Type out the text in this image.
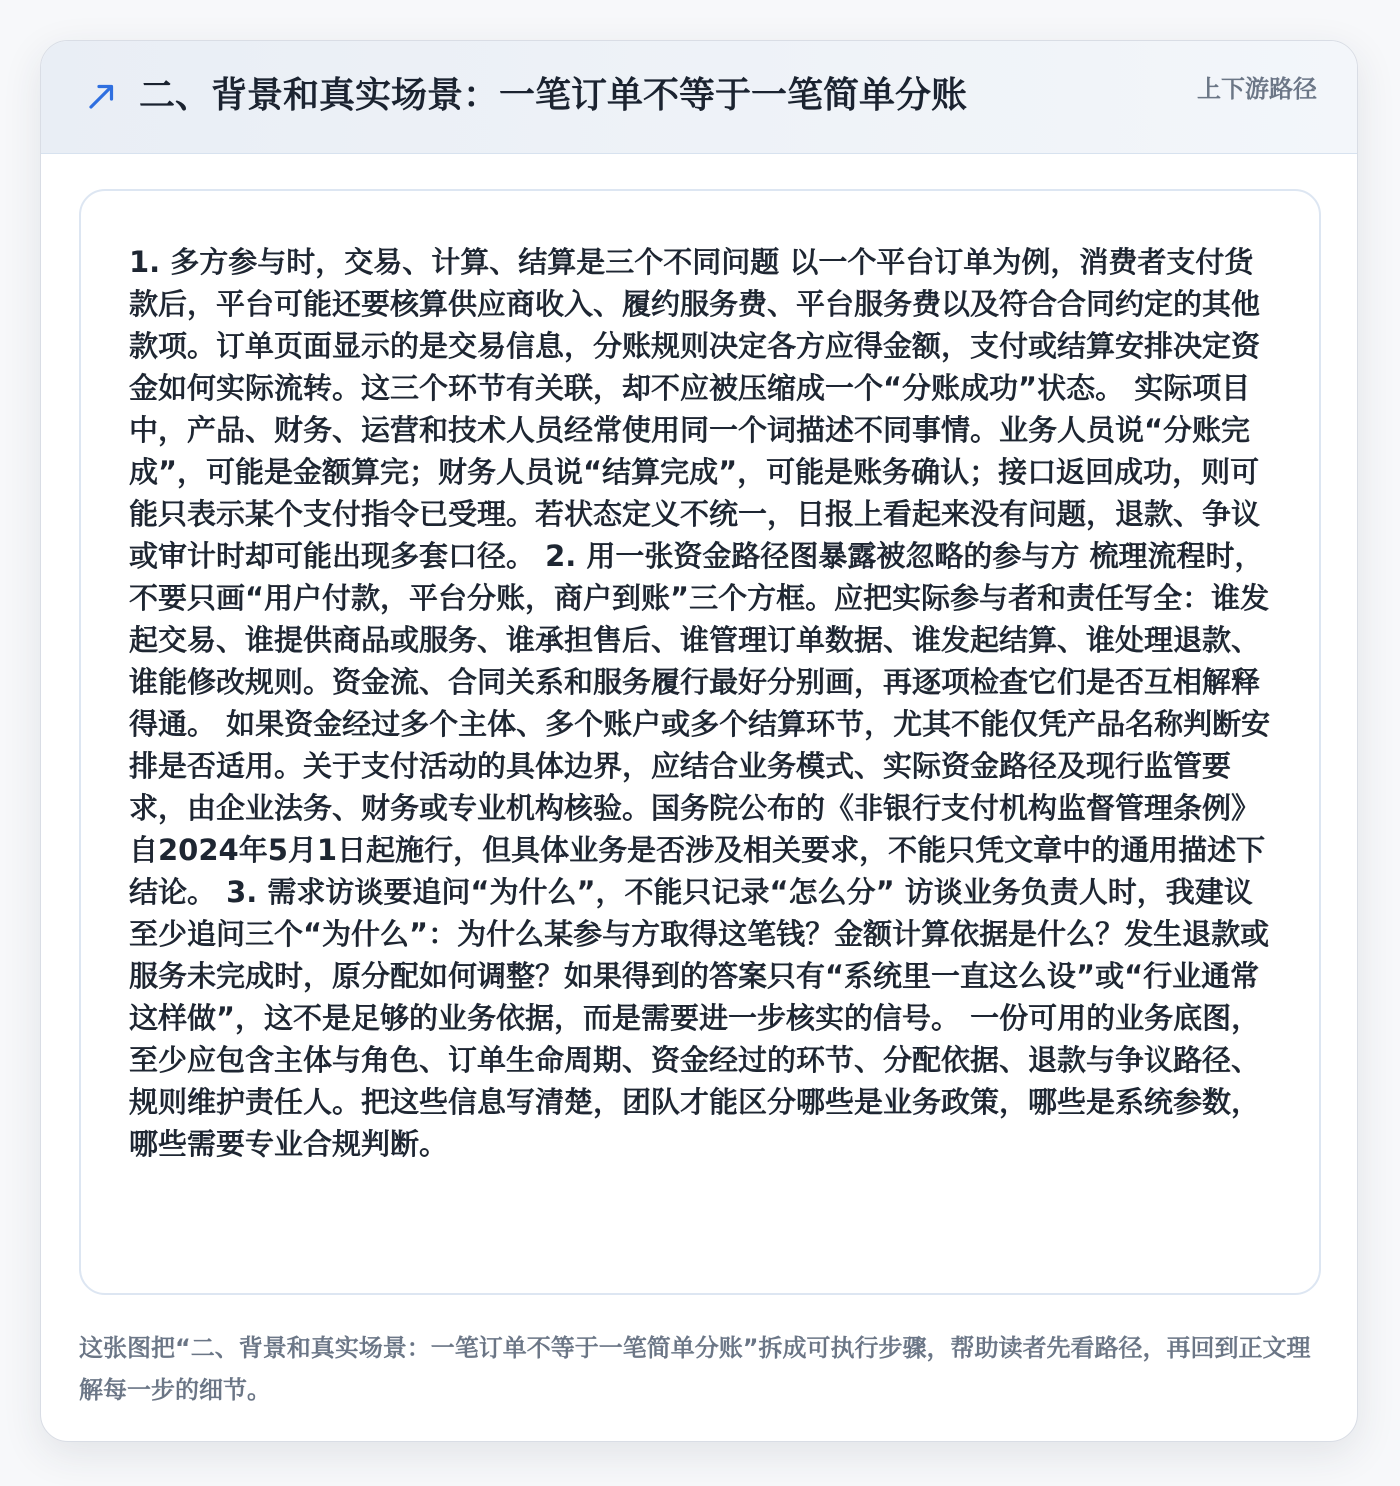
二、背景和真实场景：一笔订单不等于一笔简单分账	上下游路径

1. 多方参与时，交易、计算、结算是三个不同问题 以一个平台订单为例，消费者支付货款后，平台可能还要核算供应商收入、履约服务费、平台服务费以及符合合同约定的其他款项。订单页面显示的是交易信息，分账规则决定各方应得金额，支付或结算安排决定资金如何实际流转。这三个环节有关联，却不应被压缩成一个“分账成功”状态。 实际项目中，产品、财务、运营和技术人员经常使用同一个词描述不同事情。业务人员说“分账完成”，可能是金额算完；财务人员说“结算完成”，可能是账务确认；接口返回成功，则可能只表示某个支付指令已受理。若状态定义不统一，日报上看起来没有问题，退款、争议或审计时却可能出现多套口径。 2. 用一张资金路径图暴露被忽略的参与方 梳理流程时，不要只画“用户付款，平台分账，商户到账”三个方框。应把实际参与者和责任写全：谁发起交易、谁提供商品或服务、谁承担售后、谁管理订单数据、谁发起结算、谁处理退款、谁能修改规则。资金流、合同关系和服务履行最好分别画，再逐项检查它们是否互相解释得通。 如果资金经过多个主体、多个账户或多个结算环节，尤其不能仅凭产品名称判断安排是否适用。关于支付活动的具体边界，应结合业务模式、实际资金路径及现行监管要求，由企业法务、财务或专业机构核验。国务院公布的《非银行支付机构监督管理条例》自2024年5月1日起施行，但具体业务是否涉及相关要求，不能只凭文章中的通用描述下结论。 3. 需求访谈要追问“为什么”，不能只记录“怎么分” 访谈业务负责人时，我建议至少追问三个“为什么”：为什么某参与方取得这笔钱？金额计算依据是什么？发生退款或服务未完成时，原分配如何调整？如果得到的答案只有“系统里一直这么设”或“行业通常这样做”，这不是足够的业务依据，而是需要进一步核实的信号。 一份可用的业务底图，至少应包含主体与角色、订单生命周期、资金经过的环节、分配依据、退款与争议路径、规则维护责任人。把这些信息写清楚，团队才能区分哪些是业务政策，哪些是系统参数，哪些需要专业合规判断。

这张图把“二、背景和真实场景：一笔订单不等于一笔简单分账”拆成可执行步骤，帮助读者先看路径，再回到正文理解每一步的细节。
